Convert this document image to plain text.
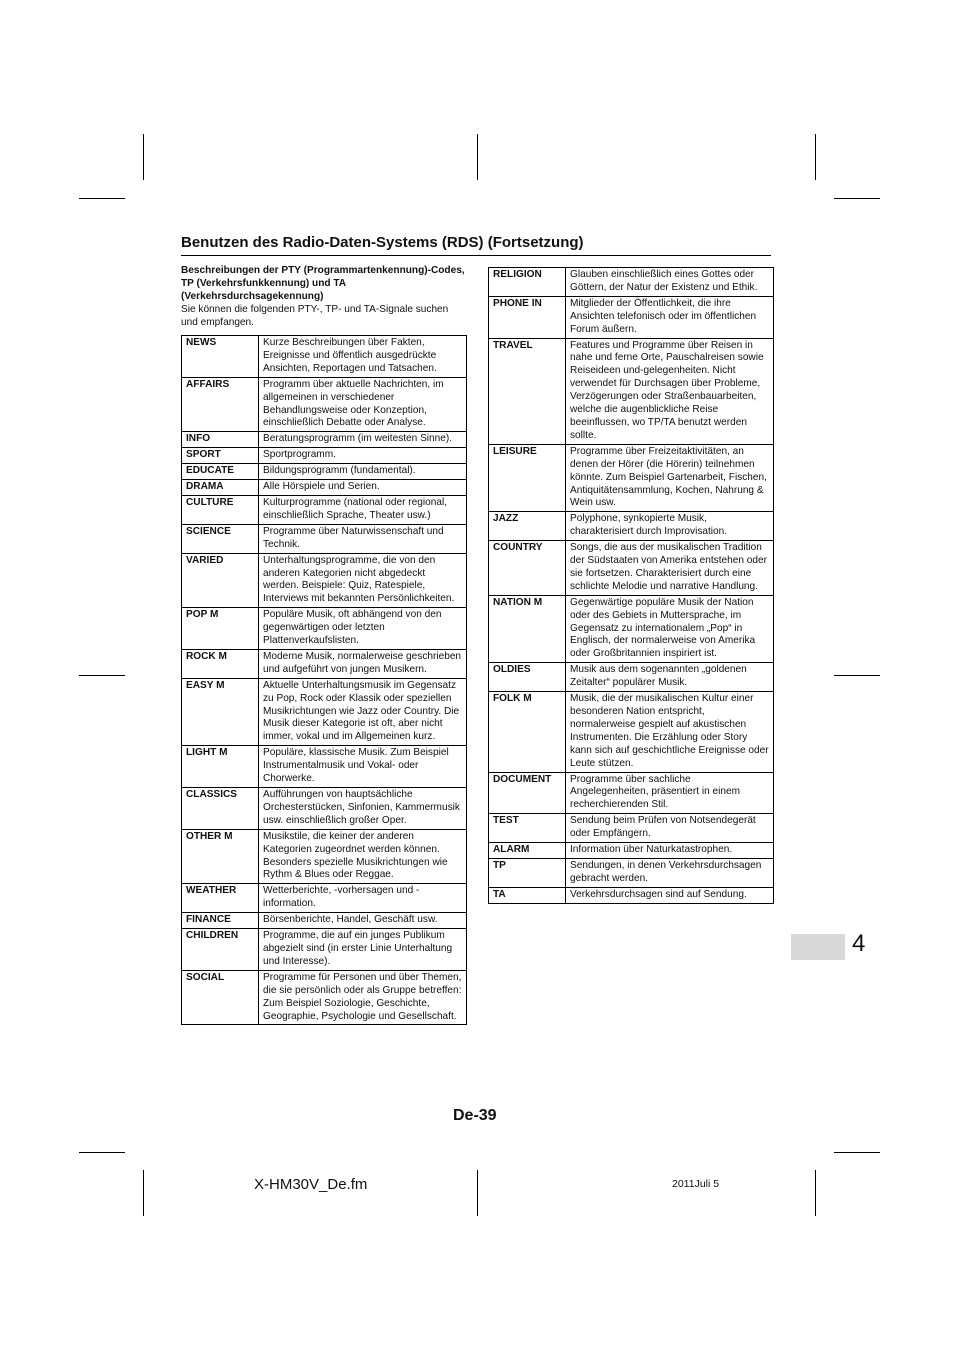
Benutzen des Radio-Daten-Systems (RDS) (Fortsetzung)
Beschreibungen der PTY (Programmartenkennung)-Codes, TP (Verkehrsfunkkennung) und TA (Verkehrsdurchsagekennung)
Sie können die folgenden PTY-, TP- und TA-Signale suchen und empfangen.
NEWS	Kurze Beschreibungen über Fakten, Ereignisse und öffentlich ausgedrückte Ansichten, Reportagen und Tatsachen.
AFFAIRS	Programm über aktuelle Nachrichten, im allgemeinen in verschiedener Behandlungsweise oder Konzeption, einschließlich Debatte oder Analyse.
INFO	Beratungsprogramm (im weitesten Sinne).
SPORT	Sportprogramm.
EDUCATE	Bildungsprogramm (fundamental).
DRAMA	Alle Hörspiele und Serien.
CULTURE	Kulturprogramme (national oder regional, einschließlich Sprache, Theater usw.)
SCIENCE	Programme über Naturwissenschaft und Technik.
VARIED	Unterhaltungsprogramme, die von den anderen Kategorien nicht abgedeckt werden. Beispiele: Quiz, Ratespiele, Interviews mit bekannten Persönlichkeiten.
POP M	Populäre Musik, oft abhängend von den gegenwärtigen oder letzten Plattenverkaufslisten.
ROCK M	Moderne Musik, normalerweise geschrieben und aufgeführt von jungen Musikern.
EASY M	Aktuelle Unterhaltungsmusik im Gegensatz zu Pop, Rock oder Klassik oder speziellen Musikrichtungen wie Jazz oder Country. Die Musik dieser Kategorie ist oft, aber nicht immer, vokal und im Allgemeinen kurz.
LIGHT M	Populäre, klassische Musik. Zum Beispiel Instrumentalmusik und Vokal- oder Chorwerke.
CLASSICS	Aufführungen von hauptsächliche Orchesterstücken, Sinfonien, Kammermusik usw. einschließlich großer Oper.
OTHER M	Musikstile, die keiner der anderen Kategorien zugeordnet werden können. Besonders spezielle Musikrichtungen wie Rythm & Blues oder Reggae.
WEATHER	Wetterberichte, -vorhersagen und -information.
FINANCE	Börsenberichte, Handel, Geschäft usw.
CHILDREN	Programme, die auf ein junges Publikum abgezielt sind (in erster Linie Unterhaltung und Interesse).
SOCIAL	Programme für Personen und über Themen, die sie persönlich oder als Gruppe betreffen: Zum Beispiel Soziologie, Geschichte, Geographie, Psychologie und Gesellschaft.
RELIGION	Glauben einschließlich eines Gottes oder Göttern, der Natur der Existenz und Ethik.
PHONE IN	Mitglieder der Öffentlichkeit, die ihre Ansichten telefonisch oder im öffentlichen Forum äußern.
TRAVEL	Features und Programme über Reisen in nahe und ferne Orte, Pauschalreisen sowie Reiseideen und-gelegenheiten. Nicht verwendet für Durchsagen über Probleme, Verzögerungen oder Straßenbauarbeiten, welche die augenblickliche Reise beeinflussen, wo TP/TA benutzt werden sollte.
LEISURE	Programme über Freizeitaktivitäten, an denen der Hörer (die Hörerin) teilnehmen könnte. Zum Beispiel Gartenarbeit, Fischen, Antiquitätensammlung, Kochen, Nahrung & Wein usw.
JAZZ	Polyphone, synkopierte Musik, charakterisiert durch Improvisation.
COUNTRY	Songs, die aus der musikalischen Tradition der Südstaaten von Amerika entstehen oder sie fortsetzen. Charakterisiert durch eine schlichte Melodie und narrative Handlung.
NATION M	Gegenwärtige populäre Musik der Nation oder des Gebiets in Muttersprache, im Gegensatz zu internationalem „Pop“ in Englisch, der normalerweise von Amerika oder Großbritannien inspiriert ist.
OLDIES	Musik aus dem sogenannten „goldenen Zeitalter“ populärer Musik.
FOLK M	Musik, die der musikalischen Kultur einer besonderen Nation entspricht, normalerweise gespielt auf akustischen Instrumenten. Die Erzählung oder Story kann sich auf geschichtliche Ereignisse oder Leute stützen.
DOCUMENT	Programme über sachliche Angelegenheiten, präsentiert in einem recherchierenden Stil.
TEST	Sendung beim Prüfen von Notsendegerät oder Empfängern.
ALARM	Information über Naturkatastrophen.
TP	Sendungen, in denen Verkehrsdurchsagen gebracht werden.
TA	Verkehrsdurchsagen sind auf Sendung.
4
De-39
X-HM30V_De.fm	2011Juli 5
